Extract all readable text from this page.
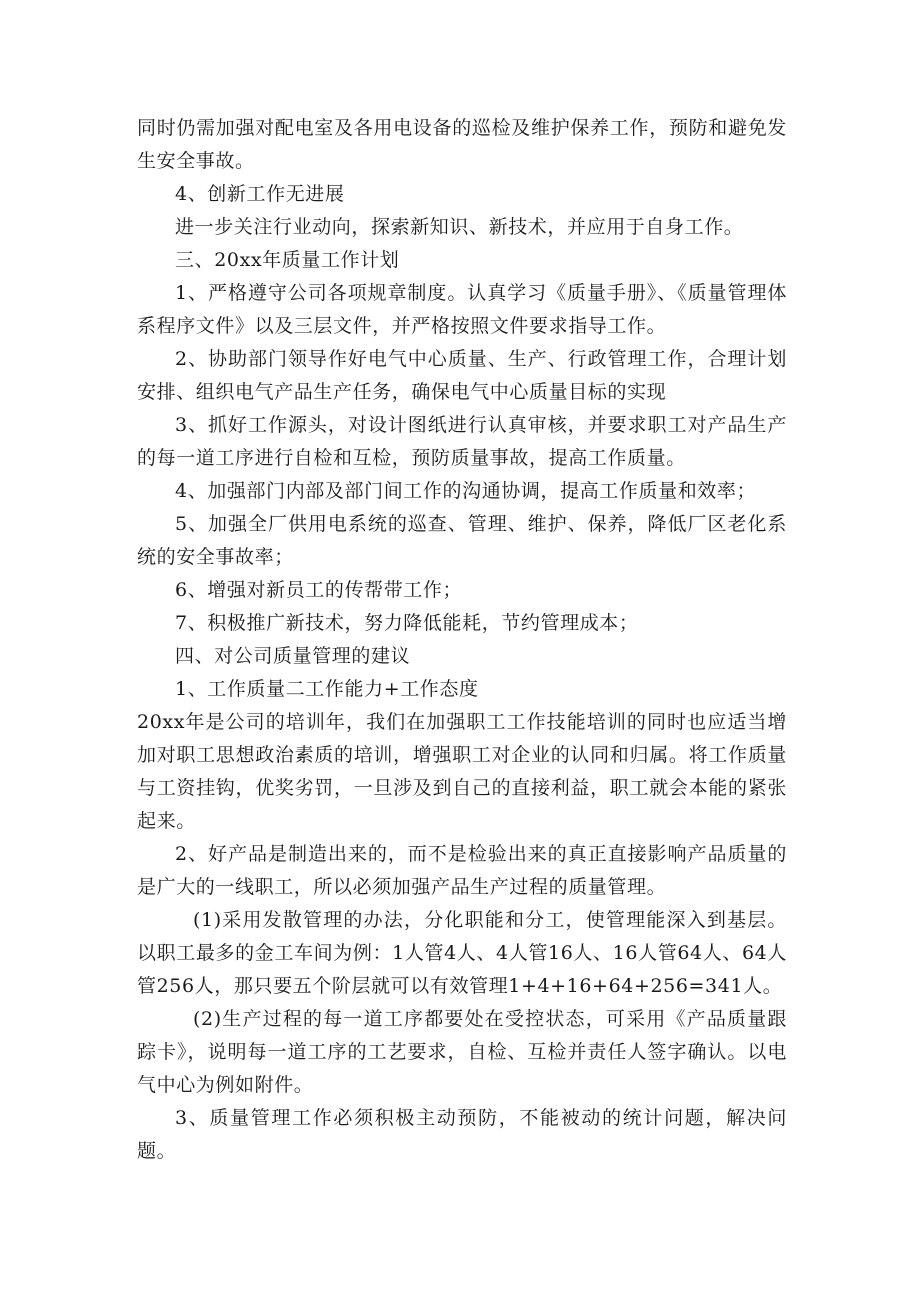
同时仍需加强对配电室及各用电设备的巡检及维护保养工作，预防和避免发生安全事故。

4、创新工作无进展

进一步关注行业动向，探索新知识、新技术，并应用于自身工作。

三、20xx年质量工作计划

1、严格遵守公司各项规章制度。认真学习《质量手册》、《质量管理体系程序文件》以及三层文件，并严格按照文件要求指导工作。

2、协助部门领导作好电气中心质量、生产、行政管理工作，合理计划安排、组织电气产品生产任务，确保电气中心质量目标的实现

3、抓好工作源头，对设计图纸进行认真审核，并要求职工对产品生产的每一道工序进行自检和互检，预防质量事故，提高工作质量。

4、加强部门内部及部门间工作的沟通协调，提高工作质量和效率；

5、加强全厂供用电系统的巡查、管理、维护、保养，降低厂区老化系统的安全事故率；

6、增强对新员工的传帮带工作；

7、积极推广新技术，努力降低能耗，节约管理成本；

四、对公司质量管理的建议

1、工作质量二工作能力+工作态度

20xx年是公司的培训年，我们在加强职工工作技能培训的同时也应适当增加对职工思想政治素质的培训，增强职工对企业的认同和归属。将工作质量与工资挂钩，优奖劣罚，一旦涉及到自己的直接利益，职工就会本能的紧张起来。

2、好产品是制造出来的，而不是检验出来的真正直接影响产品质量的是广大的一线职工，所以必须加强产品生产过程的质量管理。

(1)采用发散管理的办法，分化职能和分工，使管理能深入到基层。以职工最多的金工车间为例：1人管4人、4人管16人、16人管64人、64人管256人，那只要五个阶层就可以有效管理1+4+16+64+256=341人。

(2)生产过程的每一道工序都要处在受控状态，可采用《产品质量跟踪卡》，说明每一道工序的工艺要求，自检、互检并责任人签字确认。以电气中心为例如附件。

3、质量管理工作必须积极主动预防，不能被动的统计问题，解决问题。
